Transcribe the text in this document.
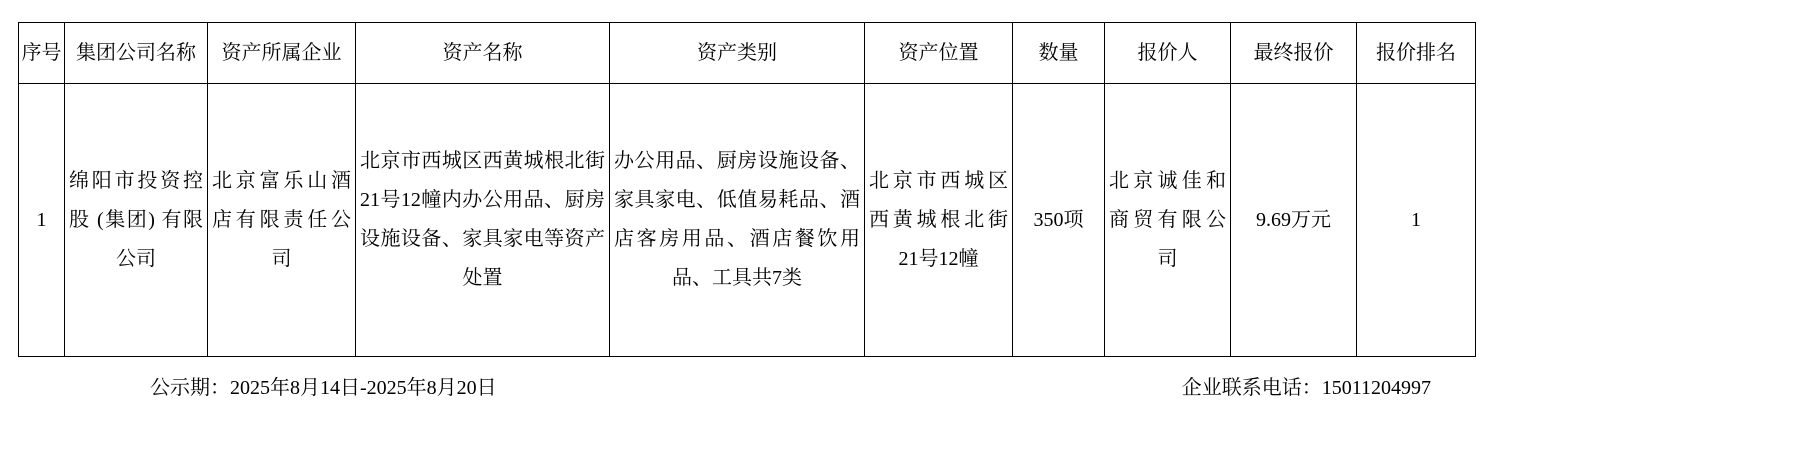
序号	集团公司名称	资产所属企业	资产名称	资产类别	资产位置	数量	报价人	最终报价	报价排名

1	绵阳市投资控股 (集团) 有限公司	北京富乐山酒店有限责任公司	北京市西城区西黄城根北街21号12幢内办公用品、厨房设施设备、家具家电等资产处置	办公用品、厨房设施设备、家具家电、低值易耗品、酒店客房用品、酒店餐饮用品、工具共7类	北京市西城区西黄城根北街21号12幢	350项	北京诚佳和商贸有限公司	9.69万元	1
公示期：2025年8月14日-2025年8月20日	企业联系电话：15011204997
